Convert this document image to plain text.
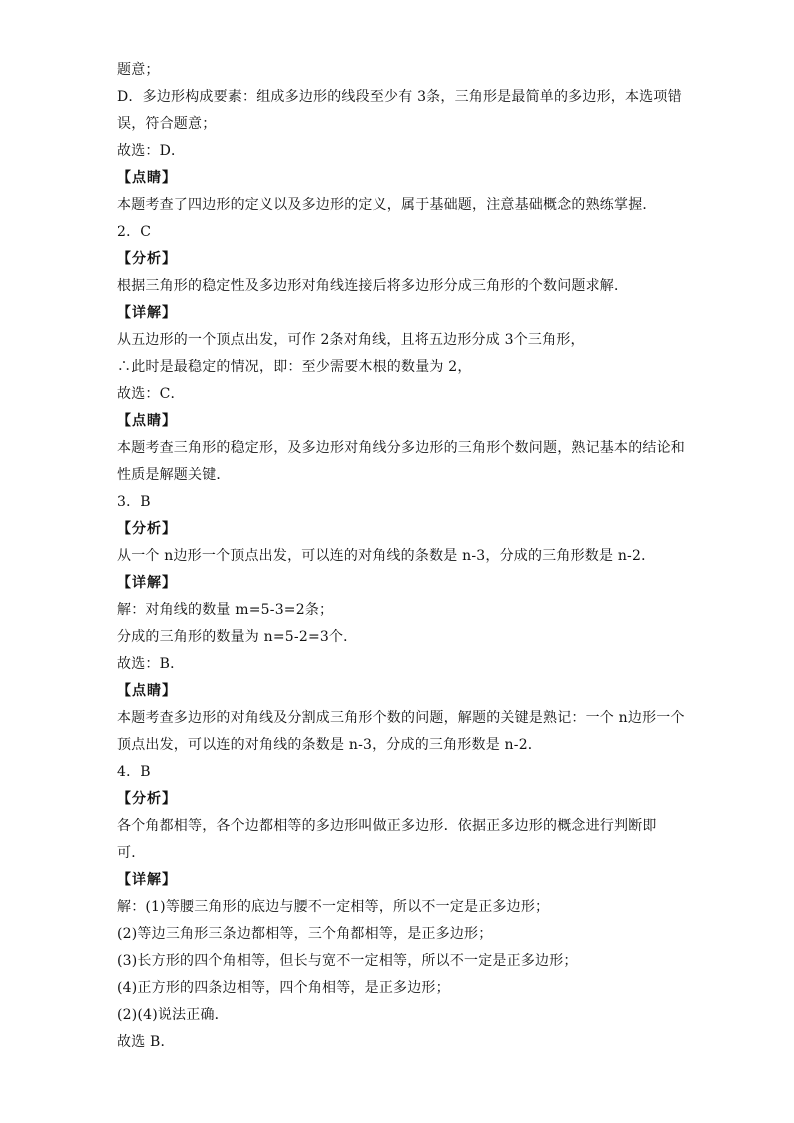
题意；
D．多边形构成要素：组成多边形的线段至少有 3条，三角形是最简单的多边形，本选项错
误，符合题意；
故选：D．
【点睛】
本题考查了四边形的定义以及多边形的定义，属于基础题，注意基础概念的熟练掌握．
2．C
【分析】
根据三角形的稳定性及多边形对角线连接后将多边形分成三角形的个数问题求解．
【详解】
从五边形的一个顶点出发，可作 2条对角线，且将五边形分成 3个三角形，
∴此时是最稳定的情况，即：至少需要木根的数量为 2，
故选：C．
【点睛】
本题考查三角形的稳定形，及多边形对角线分多边形的三角形个数问题，熟记基本的结论和
性质是解题关键．
3．B
【分析】
从一个 n边形一个顶点出发，可以连的对角线的条数是 n-3，分成的三角形数是 n-2．
【详解】
解：对角线的数量 m=5-3=2条；
分成的三角形的数量为 n=5-2=3个．
故选：B．
【点睛】
本题考查多边形的对角线及分割成三角形个数的问题，解题的关键是熟记：一个 n边形一个
顶点出发，可以连的对角线的条数是 n-3，分成的三角形数是 n-2．
4．B
【分析】
各个角都相等，各个边都相等的多边形叫做正多边形．依据正多边形的概念进行判断即
可．
【详解】
解：(1)等腰三角形的底边与腰不一定相等，所以不一定是正多边形；
(2)等边三角形三条边都相等，三个角都相等，是正多边形；
(3)长方形的四个角相等，但长与宽不一定相等，所以不一定是正多边形；
(4)正方形的四条边相等，四个角相等，是正多边形；
(2)(4)说法正确．
故选 B．
